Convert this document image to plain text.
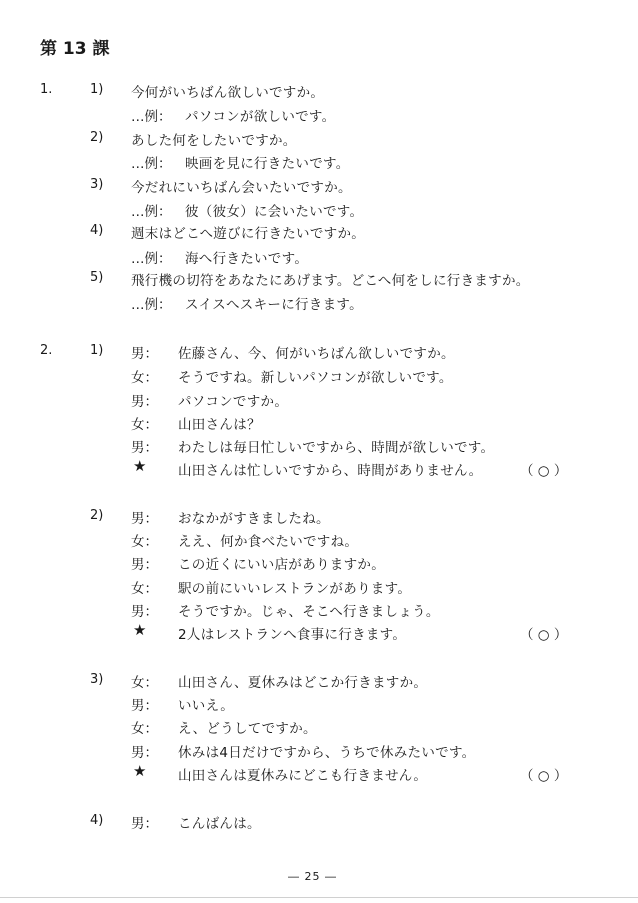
第 13 課
1.	1) 今何がいちばん欲しいですか。
…例： パソコンが欲しいです。
2) あした何をしたいですか。
…例： 映画を見に行きたいです。
3) 今だれにいちばん会いたいですか。
…例： 彼（彼女）に会いたいです。
4) 週末はどこへ遊びに行きたいですか。
…例： 海へ行きたいです。
5) 飛行機の切符をあなたにあげます。どこへ何をしに行きますか。
…例： スイスへスキーに行きます。
2.	1) 男： 佐藤さん、今、何がいちばん欲しいですか。
女： そうですね。新しいパソコンが欲しいです。
男： パソコンですか。
女： 山田さんは？
男： わたしは毎日忙しいですから、時間が欲しいです。
★ 山田さんは忙しいですから、時間がありません。	（ ○ ）
2) 男： おなかがすきましたね。
女： ええ、何か食べたいですね。
男： この近くにいい店がありますか。
女： 駅の前にいいレストランがあります。
男： そうですか。じゃ、そこへ行きましょう。
★ 2人はレストランへ食事に行きます。	（ ○ ）
3) 女： 山田さん、夏休みはどこか行きますか。
男： いいえ。
女： え、どうしてですか。
男： 休みは4日だけですから、うちで休みたいです。
★ 山田さんは夏休みにどこも行きません。	（ ○ ）
4) 男： こんばんは。
― 25 ―
